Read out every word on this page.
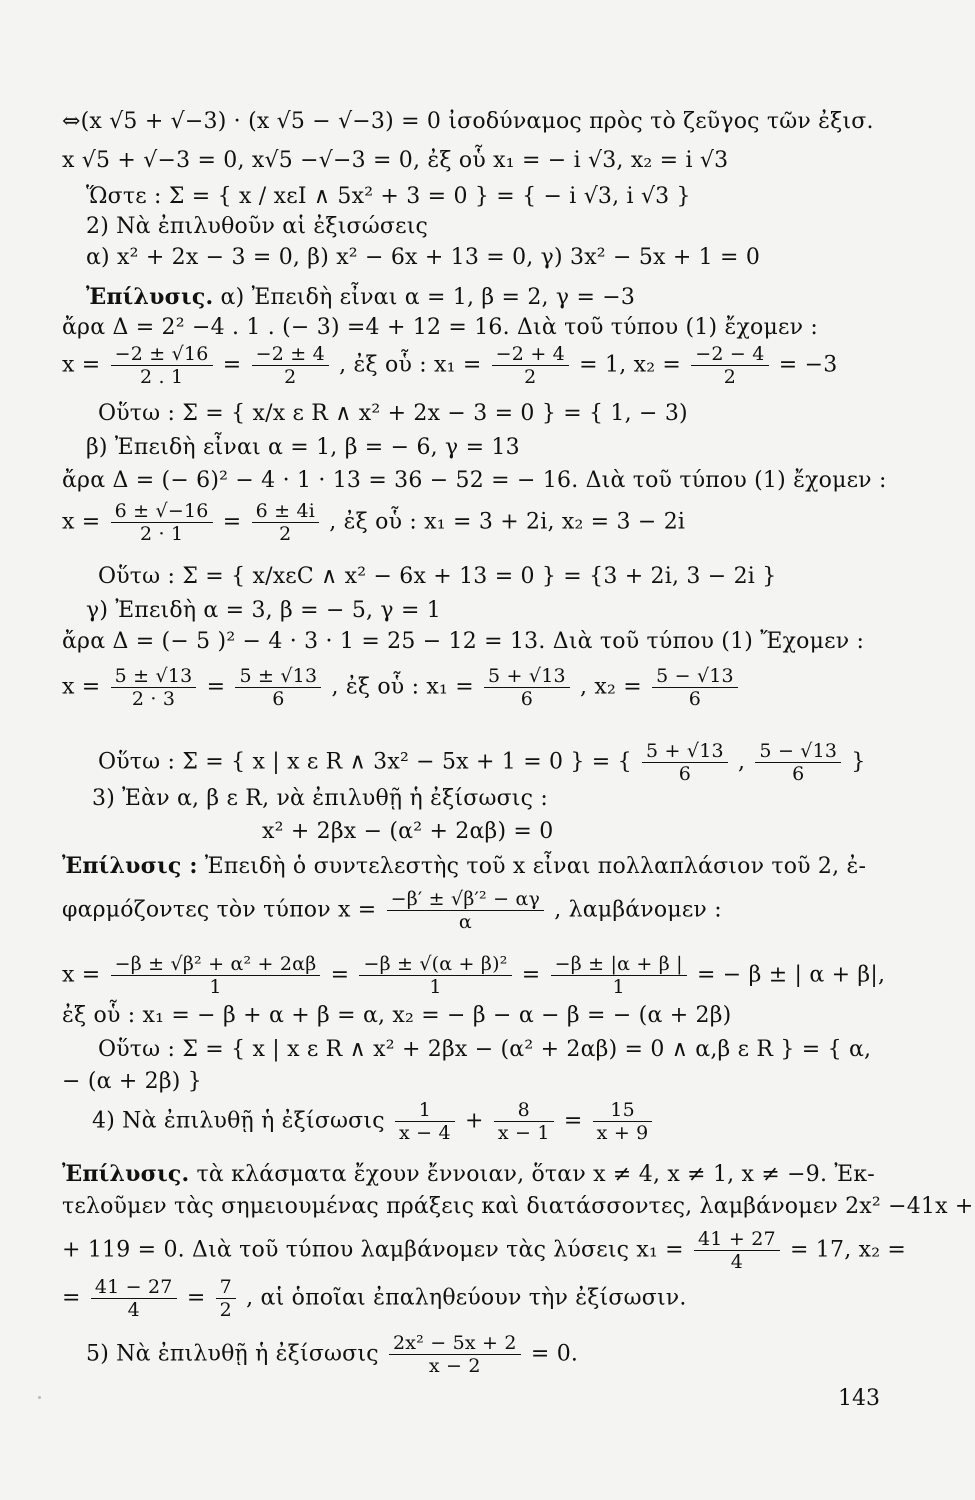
⇔(x √5 + √−3) · (x √5 − √−3) = 0 ἰσοδύναμος πρὸς τὸ ζεῦγος τῶν ἐξισ.
x √5 + √−3 = 0, x√5 −√−3 = 0, ἐξ οὗ x₁ = − i √3, x₂ = i √3
Ὥστε : Σ = { x / xεI ∧ 5x² + 3 = 0 } = { − i √3, i √3 }
2) Νὰ ἐπιλυθοῦν αἱ ἐξισώσεις
α) x² + 2x − 3 = 0, β) x² − 6x + 13 = 0, γ) 3x² − 5x + 1 = 0
Ἐπίλυσις. α) Ἐπειδὴ εἶναι α = 1, β = 2, γ = −3
ἄρα Δ = 2² −4 . 1 . (− 3) =4 + 12 = 16. Διὰ τοῦ τύπου (1) ἔχομεν :
$x = \frac{-2 \pm √16}{2 . 1} = \frac{-2 \pm 4}{2}$ , ἐξ οὗ : $x_1 = \frac{-2 + 4}{2} = 1$, $x_2 = \frac{-2 - 4}{2} = -3$
Οὕτω : Σ = { x/x ε R ∧ x² + 2x − 3 = 0 } = { 1, − 3)
β) Ἐπειδὴ εἶναι α = 1, β = − 6, γ = 13
ἄρα Δ = (− 6)² − 4 · 1 · 13 = 36 − 52 = − 16. Διὰ τοῦ τύπου (1) ἔχομεν :
$x = \frac{6 \pm √-16}{2 \cdot 1} = \frac{6 \pm 4i}{2}$ , ἐξ οὗ : x₁ = 3 + 2i, x₂ = 3 − 2i
Οὕτω : Σ = { x/xεC ∧ x² − 6x + 13 = 0 } = {3 + 2i, 3 − 2i }
γ) Ἐπειδὴ α = 3, β = − 5, γ = 1
ἄρα Δ = (− 5 )² − 4 · 3 · 1 = 25 − 12 = 13. Διὰ τοῦ τύπου (1) Ἔχομεν :
$x = \frac{5 \pm √13}{2 \cdot 3} = \frac{5 \pm √13}{6}$ , ἐξ οὗ : $x_1 = \frac{5 + √13}{6}$ , $x_2 = \frac{5 - √13}{6}$
Οὕτω : Σ = { x | x ε R ∧ 3x² − 5x + 1 = 0 } = { $\frac{5 + √13}{6}$ , $\frac{5 - √13}{6}$ }
3) Ἐὰν α, β ε R, νὰ ἐπιλυθῇ ἡ ἐξίσωσις :
x² + 2βx − (α² + 2αβ) = 0
Ἐπίλυσις : Ἐπειδὴ ὁ συντελεστὴς τοῦ x εἶναι πολλαπλάσιον τοῦ 2, ἐ-
φαρμόζοντες τὸν τύπον $x = \frac{\text{−β′ ± √β′² − αγ}}{\alpha}$ , λαμβάνομεν :
$x = \frac{\text{−β ± √β² + α² + 2αβ}}{1} = \frac{\text{−β ± √(α + β)²}}{1} = \frac{-\beta \pm |\alpha + \beta |}{1}$ = − β ± | α + β|,
ἐξ οὗ : x₁ = − β + α + β = α, x₂ = − β − α − β = − (α + 2β)
Οὕτω : Σ = { x | x ε R ∧ x² + 2βx − (α² + 2αβ) = 0 ∧ α,β ε R } = { α,
− (α + 2β) }
4) Νὰ ἐπιλυθῇ ἡ ἐξίσωσις $\frac{1}{x - 4} + \frac{8}{x - 1} = \frac{15}{x + 9}$
Ἐπίλυσις. τὰ κλάσματα ἔχουν ἔννοιαν, ὅταν x ≠ 4, x ≠ 1, x ≠ −9. Ἐκ-
τελοῦμεν τὰς σημειουμένας πράξεις καὶ διατάσσοντες, λαμβάνομεν 2x² −41x +
+ 119 = 0. Διὰ τοῦ τύπου λαμβάνομεν τὰς λύσεις $x_1 = \frac{41 + 27}{4} = 17$, x₂ =
= $\frac{41 - 27}{4} = \frac{7}{2}$ , αἱ ὁποῖαι ἐπαληθεύουν τὴν ἐξίσωσιν.
5) Νὰ ἐπιλυθῇ ἡ ἐξίσωσις $\frac{\text{2x² − 5x + 2}}{x - 2} = 0$.
143
